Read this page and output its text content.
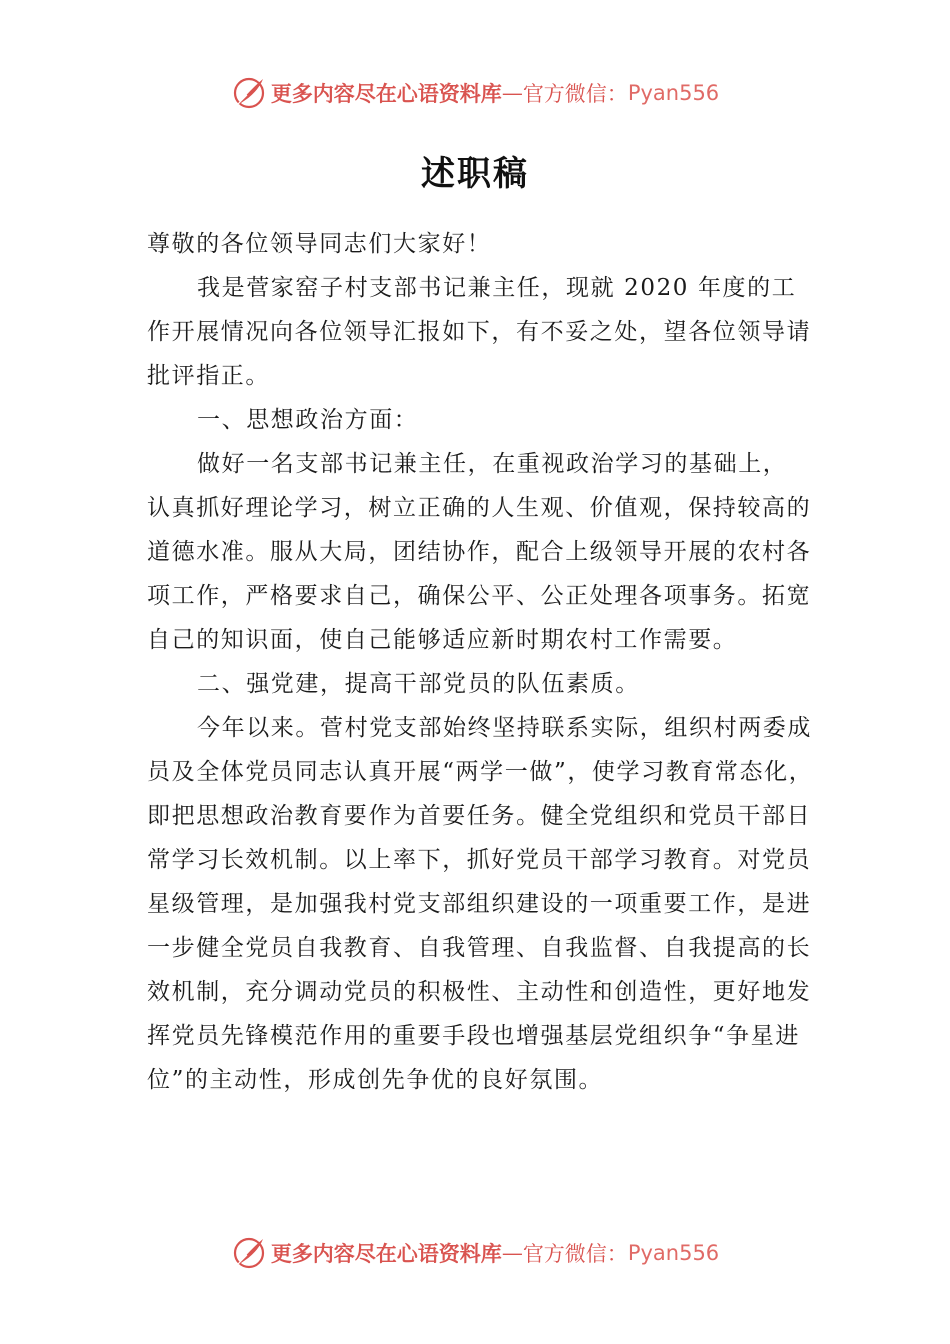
更多内容尽在心语资料库 — 官方微信： Pyan556
述职稿

尊敬的各位领导同志们大家好！

我是菅家窑子村支部书记兼主任，现就 2020 年度的工作开展情况向各位领导汇报如下，有不妥之处，望各位领导请批评指正。

一、思想政治方面：

做好一名支部书记兼主任，在重视政治学习的基础上，

认真抓好理论学习，树立正确的人生观、价值观，保持较高的道德水准。服从大局，团结协作，配合上级领导开展的农村各项工作，严格要求自己，确保公平、公正处理各项事务。拓宽自己的知识面，使自己能够适应新时期农村工作需要。

二、强党建，提高干部党员的队伍素质。

今年以来。菅村党支部始终坚持联系实际，组织村两委成员及全体党员同志认真开展“两学一做”，使学习教育常态化，即把思想政治教育要作为首要任务。健全党组织和党员干部日常学习长效机制。以上率下，抓好党员干部学习教育。对党员星级管理，是加强我村党支部组织建设的一项重要工作，是进一步健全党员自我教育、自我管理、自我监督、自我提高的长效机制，充分调动党员的积极性、主动性和创造性，更好地发挥党员先锋模范作用的重要手段也增强基层党组织争“争星进位”的主动性，形成创先争优的良好氛围。

更多内容尽在心语资料库 — 官方微信： Pyan556
